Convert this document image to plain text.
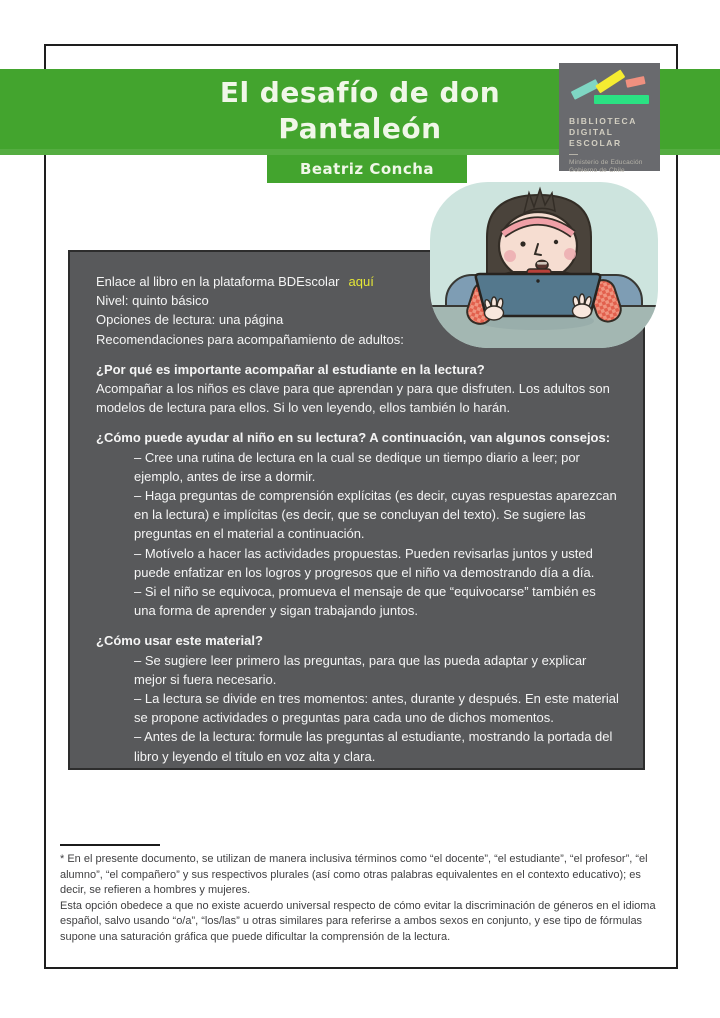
El desafío de don
Pantaleón
Beatriz Concha
BIBLIOTECA
DIGITAL
ESCOLAR
Ministerio de Educación
Gobierno de Chile
Enlace al libro en la plataforma BDEscolar aquí
Nivel: quinto básico
Opciones de lectura: una página
Recomendaciones para acompañamiento de adultos:
¿Por qué es importante acompañar al estudiante en la lectura?

Acompañar a los niños es clave para que aprendan y para que disfruten. Los adultos son modelos de lectura para ellos. Si lo ven leyendo, ellos también lo harán.

¿Cómo puede ayudar al niño en su lectura? A continuación, van algunos consejos:
– Cree una rutina de lectura en la cual se dedique un tiempo diario a leer; por ejemplo, antes de irse a dormir.
– Haga preguntas de comprensión explícitas (es decir, cuyas respuestas aparezcan en la lectura) e implícitas (es decir, que se concluyan del texto). Se sugiere las preguntas en el material a continuación.
– Motívelo a hacer las actividades propuestas. Pueden revisarlas juntos y usted puede enfatizar en los logros y progresos que el niño va demostrando día a día.
– Si el niño se equivoca, promueva el mensaje de que “equivocarse” también es una forma de aprender y sigan trabajando juntos.
¿Cómo usar este material?
– Se sugiere leer primero las preguntas, para que las pueda adaptar y explicar mejor si fuera necesario.
– La lectura se divide en tres momentos: antes, durante y después. En este material se propone actividades o preguntas para cada uno de dichos momentos.
– Antes de la lectura: formule las preguntas al estudiante, mostrando la portada del libro y leyendo el título en voz alta y clara.

* En el presente documento, se utilizan de manera inclusiva términos como “el docente”, “el estudiante”, “el profesor”, “el alumno”, “el compañero” y sus respectivos plurales (así como otras palabras equivalentes en el contexto educativo); es decir, se refieren a hombres y mujeres.

Esta opción obedece a que no existe acuerdo universal respecto de cómo evitar la discriminación de géneros en el idioma español, salvo usando “o/a”, “los/las” u otras similares para referirse a ambos sexos en conjunto, y ese tipo de fórmulas supone una saturación gráfica que puede dificultar la comprensión de la lectura.
